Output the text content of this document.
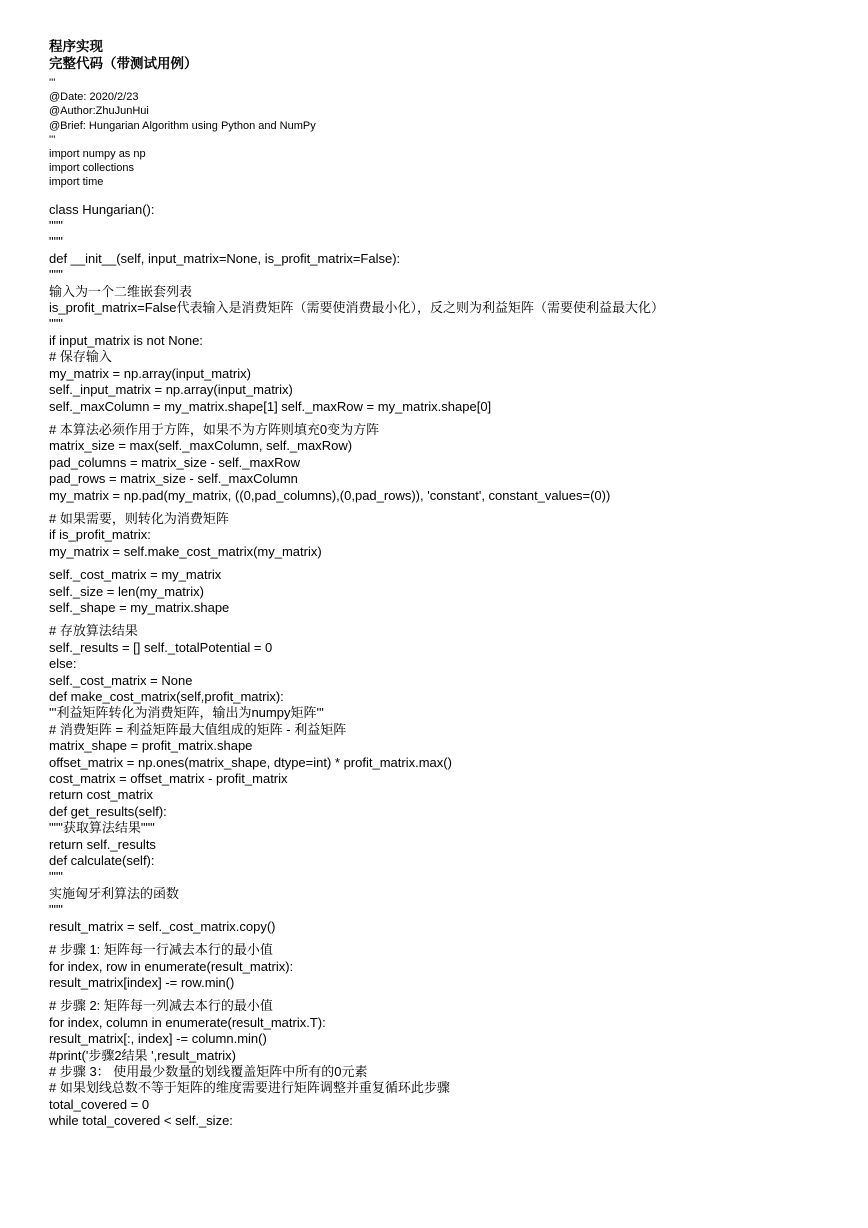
程序实现
完整代码（带测试用例）
'''
@Date: 2020/2/23
@Author:ZhuJunHui
@Brief: Hungarian Algorithm using Python and NumPy
'''
import numpy as np
import collections
import time
class Hungarian():
"""
"""
def __init__(self, input_matrix=None, is_profit_matrix=False):
"""
输入为一个二维嵌套列表
is_profit_matrix=False代表输入是消费矩阵（需要使消费最小化），反之则为利益矩阵（需要使利益最大化）
"""
if input_matrix is not None:
# 保存输入
my_matrix = np.array(input_matrix)
self._input_matrix = np.array(input_matrix)
self._maxColumn = my_matrix.shape[1] self._maxRow = my_matrix.shape[0]
# 本算法必须作用于方阵，如果不为方阵则填充0变为方阵
matrix_size = max(self._maxColumn, self._maxRow)
pad_columns = matrix_size - self._maxRow
pad_rows = matrix_size - self._maxColumn
my_matrix = np.pad(my_matrix, ((0,pad_columns),(0,pad_rows)), 'constant', constant_values=(0))
# 如果需要，则转化为消费矩阵
if is_profit_matrix:
my_matrix = self.make_cost_matrix(my_matrix)
self._cost_matrix = my_matrix
self._size = len(my_matrix)
self._shape = my_matrix.shape
# 存放算法结果
self._results = [] self._totalPotential = 0
else:
self._cost_matrix = None
def make_cost_matrix(self,profit_matrix):
'''利益矩阵转化为消费矩阵，输出为numpy矩阵'''
# 消费矩阵 = 利益矩阵最大值组成的矩阵 - 利益矩阵
matrix_shape = profit_matrix.shape
offset_matrix = np.ones(matrix_shape, dtype=int) * profit_matrix.max()
cost_matrix = offset_matrix - profit_matrix
return cost_matrix
def get_results(self):
"""获取算法结果"""
return self._results
def calculate(self):
"""
实施匈牙利算法的函数
"""
result_matrix = self._cost_matrix.copy()
# 步骤 1: 矩阵每一行减去本行的最小值
for index, row in enumerate(result_matrix):
result_matrix[index] -= row.min()
# 步骤 2: 矩阵每一列减去本行的最小值
for index, column in enumerate(result_matrix.T):
result_matrix[:, index] -= column.min()
#print('步骤2结果 ',result_matrix)
# 步骤 3： 使用最少数量的划线覆盖矩阵中所有的0元素
# 如果划线总数不等于矩阵的维度需要进行矩阵调整并重复循环此步骤
total_covered = 0
while total_covered < self._size:
